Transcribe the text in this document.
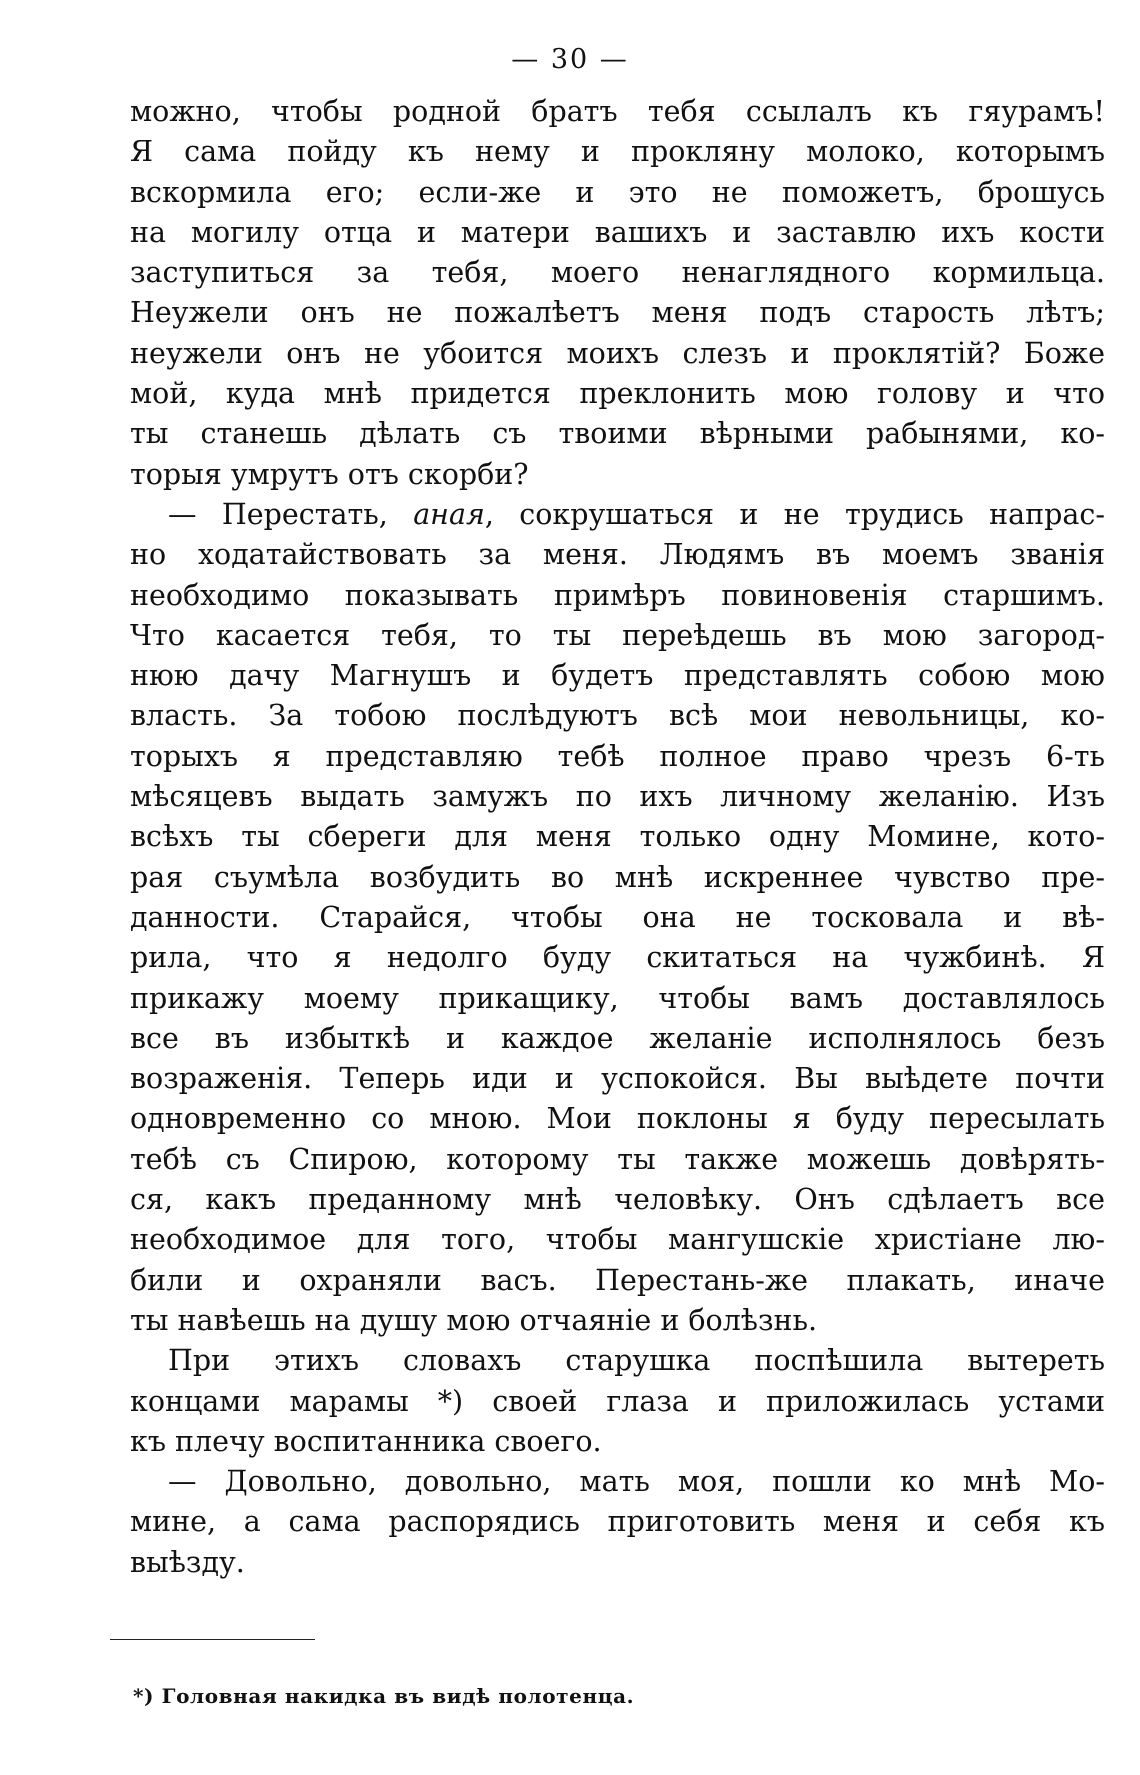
— 30 —

можно, чтобы родной братъ тебя ссылалъ къ гяурамъ!
Я сама пойду къ нему и прокляну молоко, которымъ
вскормила его; если-же и это не поможетъ, брошусь
на могилу отца и матери вашихъ и заставлю ихъ кости
заступиться за тебя, моего ненаглядного кормильца.
Неужели онъ не пожалѣетъ меня подъ старость лѣтъ;
неужели онъ не убоится моихъ слезъ и проклятій? Боже
мой, куда мнѣ придется преклонить мою голову и что
ты станешь дѣлать съ твоими вѣрными рабынями, ко-
торыя умрутъ отъ скорби?

— Перестать, аная, сокрушаться и не трудись напрас-
но ходатайствовать за меня. Людямъ въ моемъ званія
необходимо показывать примѣръ повиновенія старшимъ.
Что касается тебя, то ты переѣдешь въ мою загород-
нюю дачу Магнушъ и будетъ представлять собою мою
власть. За тобою послѣдуютъ всѣ мои невольницы, ко-
торыхъ я представляю тебѣ полное право чрезъ 6-ть
мѣсяцевъ выдать замужъ по ихъ личному желанію. Изъ
всѣхъ ты сбереги для меня только одну Момине, кото-
рая съумѣла возбудить во мнѣ искреннее чувство пре-
данности. Старайся, чтобы она не тосковала и вѣ-
рила, что я недолго буду скитаться на чужбинѣ. Я
прикажу моему прикащику, чтобы вамъ доставлялось
все въ избыткѣ и каждое желаніе исполнялось безъ
возраженія. Теперь иди и успокойся. Вы выѣдете почти
одновременно со мною. Мои поклоны я буду пересылать
тебѣ съ Спирою, которому ты также можешь довѣрять-
ся, какъ преданному мнѣ человѣку. Онъ сдѣлаетъ все
необходимое для того, чтобы мангушскіе христіане лю-
били и охраняли васъ. Перестань-же плакать, иначе
ты навѣешь на душу мою отчаяніе и болѣзнь.

При этихъ словахъ старушка поспѣшила вытереть
концами марамы *) своей глаза и приложилась устами
къ плечу воспитанника своего.

— Довольно, довольно, мать моя, пошли ко мнѣ Мо-
мине, а сама распорядись приготовить меня и себя къ
выѣзду.

*) Головная накидка въ видѣ полотенца.
